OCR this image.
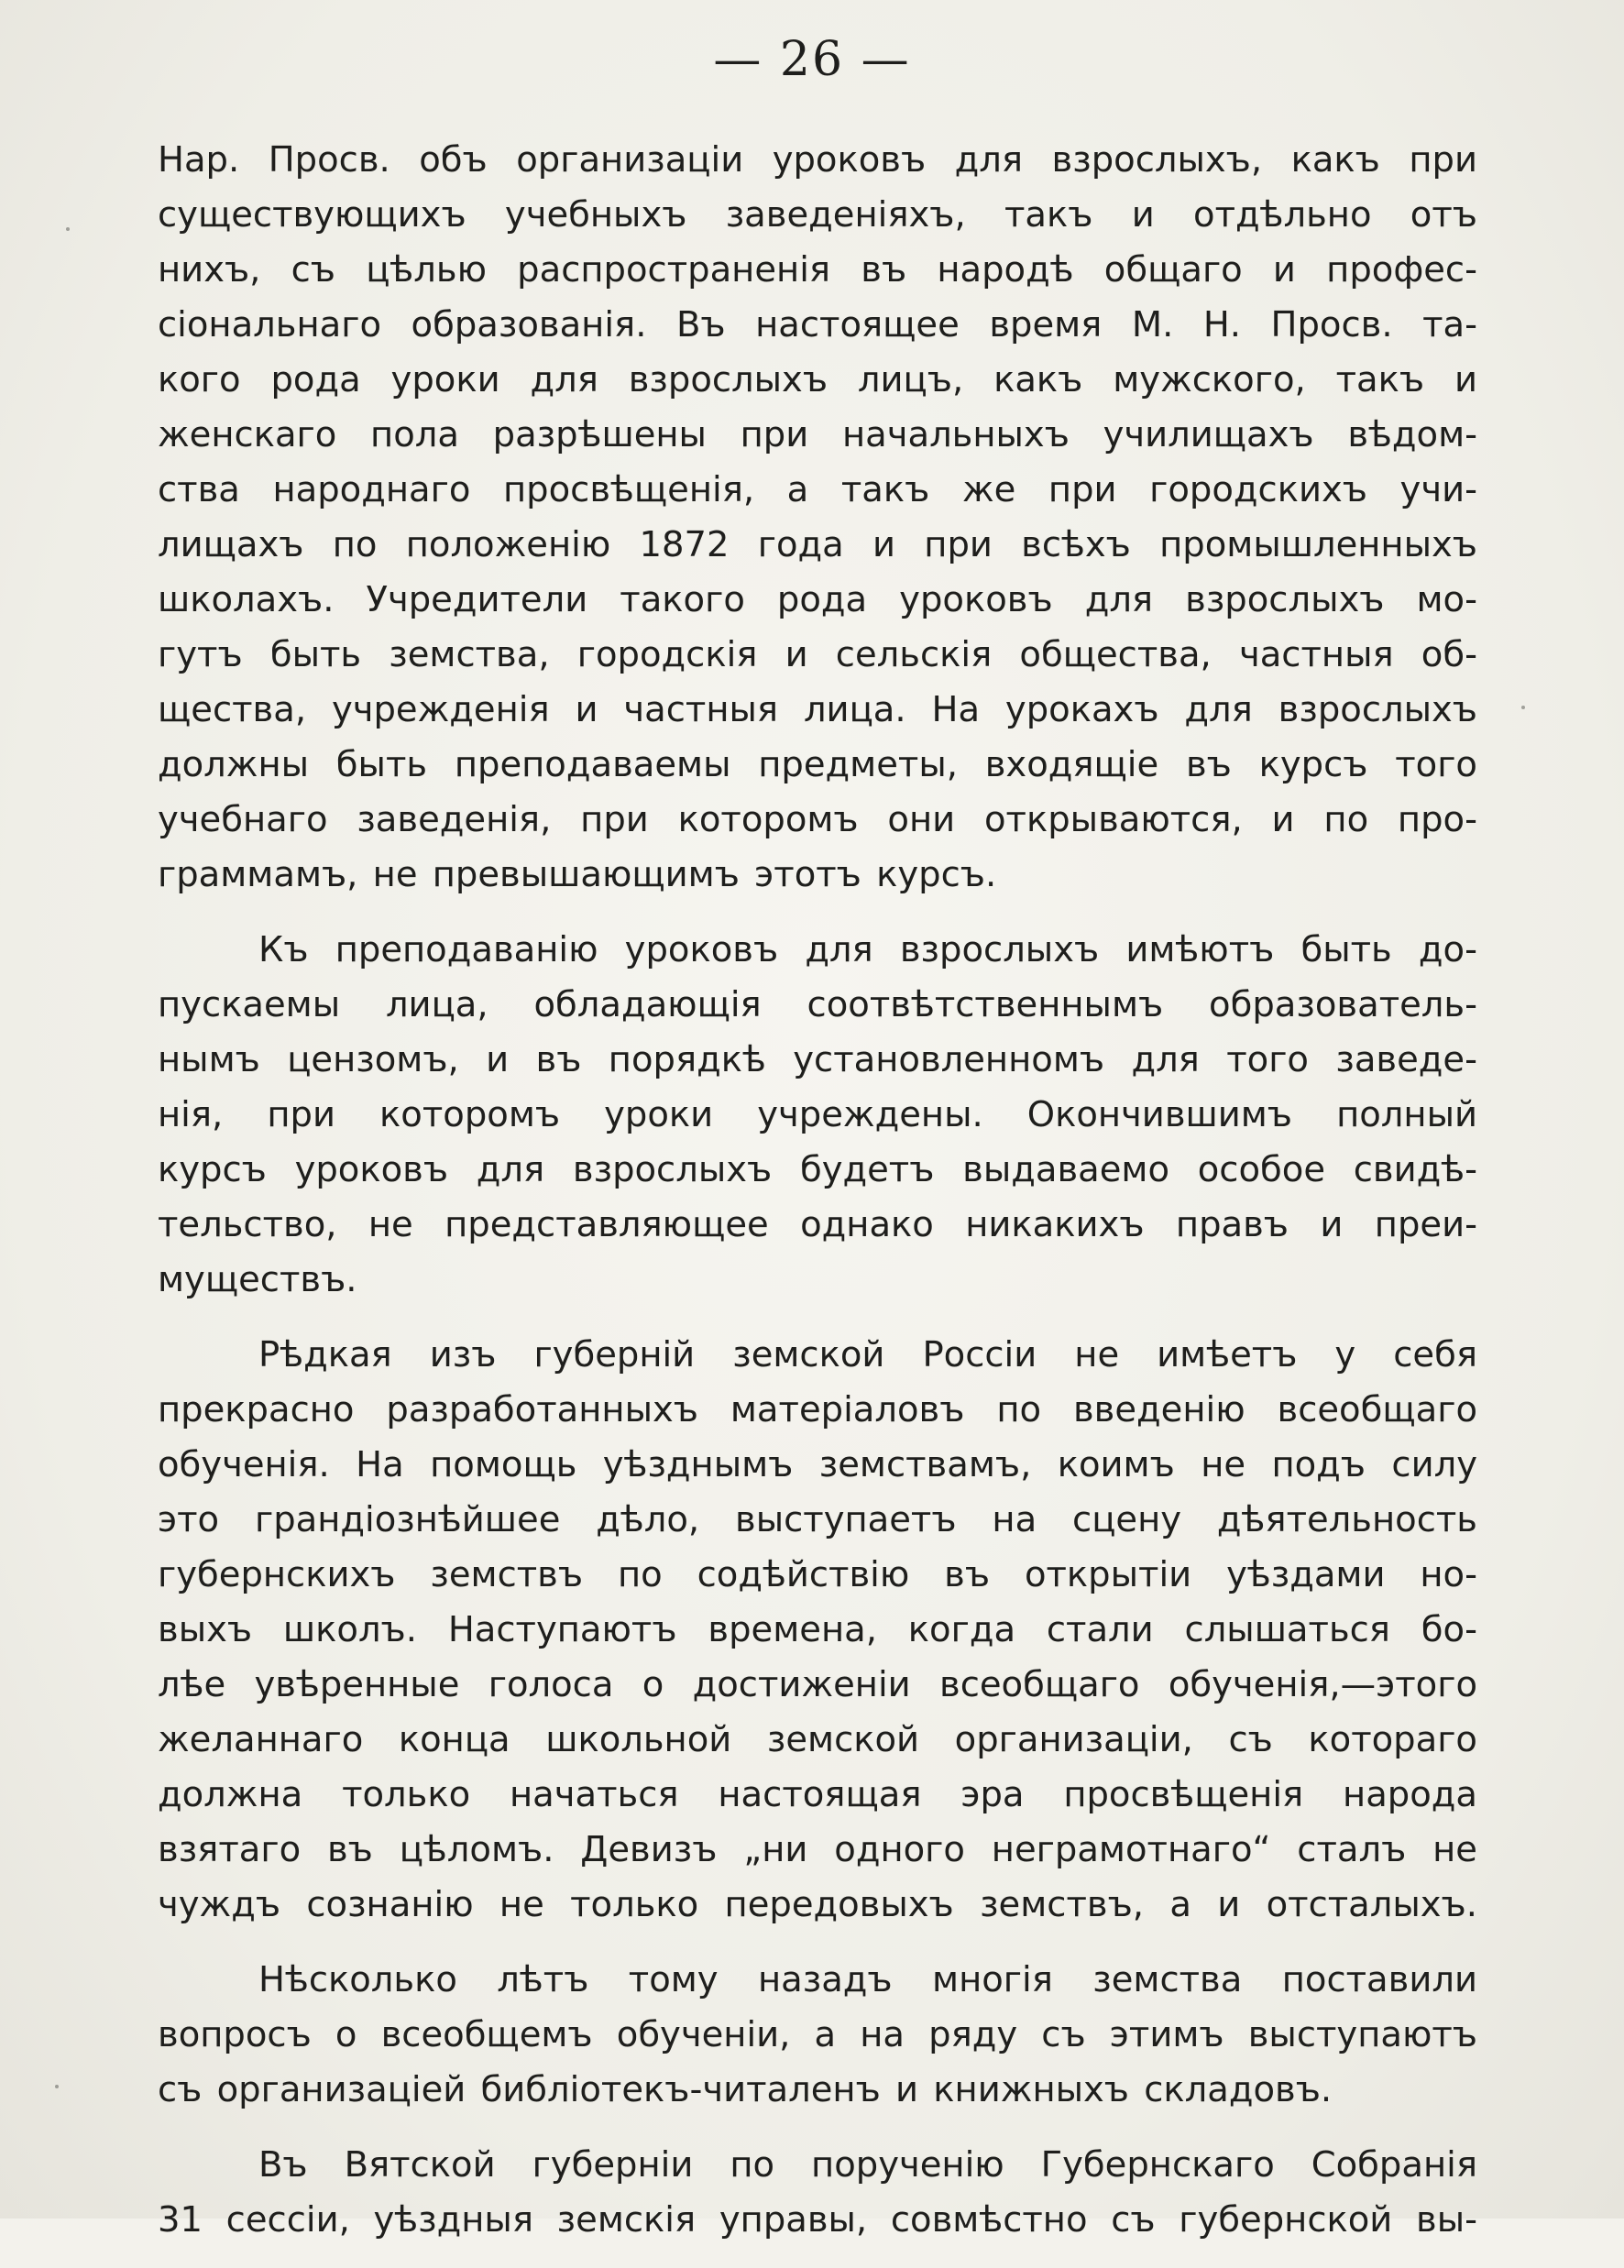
— 26 —
Нар. Просв. объ организаціи уроковъ для взрослыхъ, какъ при
существующихъ учебныхъ заведеніяхъ, такъ и отдѣльно отъ
нихъ, съ цѣлью распространенія въ народѣ общаго и профес-
сіональнаго образованія. Въ настоящее время М. Н. Просв. та-
кого рода уроки для взрослыхъ лицъ, какъ мужского, такъ и
женскаго пола разрѣшены при начальныхъ училищахъ вѣдом-
ства народнаго просвѣщенія, а такъ же при городскихъ учи-
лищахъ по положенію 1872 года и при всѣхъ промышленныхъ
школахъ. Учредители такого рода уроковъ для взрослыхъ мо-
гутъ быть земства, городскія и сельскія общества, частныя об-
щества, учрежденія и частныя лица. На урокахъ для взрослыхъ
должны быть преподаваемы предметы, входящіе въ курсъ того
учебнаго заведенія, при которомъ они открываются, и по про-
граммамъ, не превышающимъ этотъ курсъ.
Къ преподаванію уроковъ для взрослыхъ имѣютъ быть до-
пускаемы лица, обладающія соотвѣтственнымъ образователь-
нымъ цензомъ, и въ порядкѣ установленномъ для того заведе-
нія, при которомъ уроки учреждены. Окончившимъ полный
курсъ уроковъ для взрослыхъ будетъ выдаваемо особое свидѣ-
тельство, не представляющее однако никакихъ правъ и преи-
муществъ.
Рѣдкая изъ губерній земской Россіи не имѣетъ у себя
прекрасно разработанныхъ матеріаловъ по введенію всеобщаго
обученія. На помощь уѣзднымъ земствамъ, коимъ не подъ силу
это грандіознѣйшее дѣло, выступаетъ на сцену дѣятельность
губернскихъ земствъ по содѣйствію въ открытіи уѣздами но-
выхъ школъ. Наступаютъ времена, когда стали слышаться бо-
лѣе увѣренные голоса о достиженіи всеобщаго обученія,—этого
желаннаго конца школьной земской организаціи, съ котораго
должна только начаться настоящая эра просвѣщенія народа
взятаго въ цѣломъ. Девизъ „ни одного неграмотнаго“ сталъ не
чуждъ сознанію не только передовыхъ земствъ, а и отсталыхъ.
Нѣсколько лѣтъ тому назадъ многія земства поставили
вопросъ о всеобщемъ обученіи, а на ряду съ этимъ выступаютъ
съ организаціей библіотекъ-читаленъ и книжныхъ складовъ.
Въ Вятской губерніи по порученію Губернскаго Собранія
31 сессіи, уѣздныя земскія управы, совмѣстно съ губернской вы-
